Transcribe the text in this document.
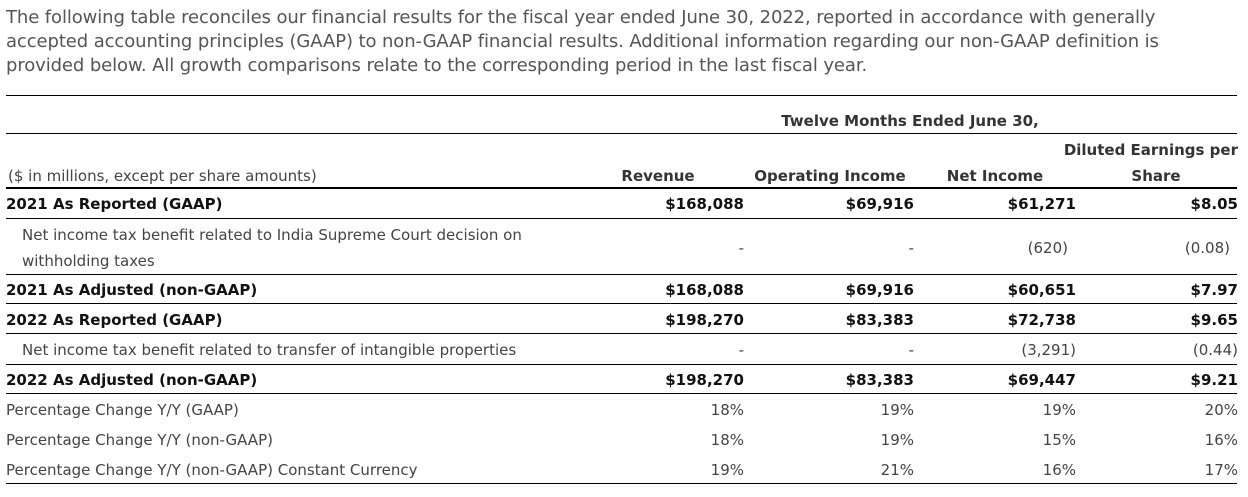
The following table reconciles our financial results for the fiscal year ended June 30, 2022, reported in accordance with generally
accepted accounting principles (GAAP) to non-GAAP financial results. Additional information regarding our non-GAAP definition is
provided below. All growth comparisons relate to the corresponding period in the last fiscal year.

Twelve Months Ended June 30,
Diluted Earnings per
($ in millions, except per share amounts)	Revenue	Operating Income	Net Income	Share
2021 As Reported (GAAP)	$168,088	$69,916	$61,271	$8.05
Net income tax benefit related to India Supreme Court decision on
withholding taxes
-	-	(620)	(0.08)
2021 As Adjusted (non-GAAP)	$168,088	$69,916	$60,651	$7.97
2022 As Reported (GAAP)	$198,270	$83,383	$72,738	$9.65
Net income tax benefit related to transfer of intangible properties	-	-	(3,291)	(0.44)
2022 As Adjusted (non-GAAP)	$198,270	$83,383	$69,447	$9.21
Percentage Change Y/Y (GAAP)	18%	19%	19%	20%
Percentage Change Y/Y (non-GAAP)	18%	19%	15%	16%
Percentage Change Y/Y (non-GAAP) Constant Currency	19%	21%	16%	17%
